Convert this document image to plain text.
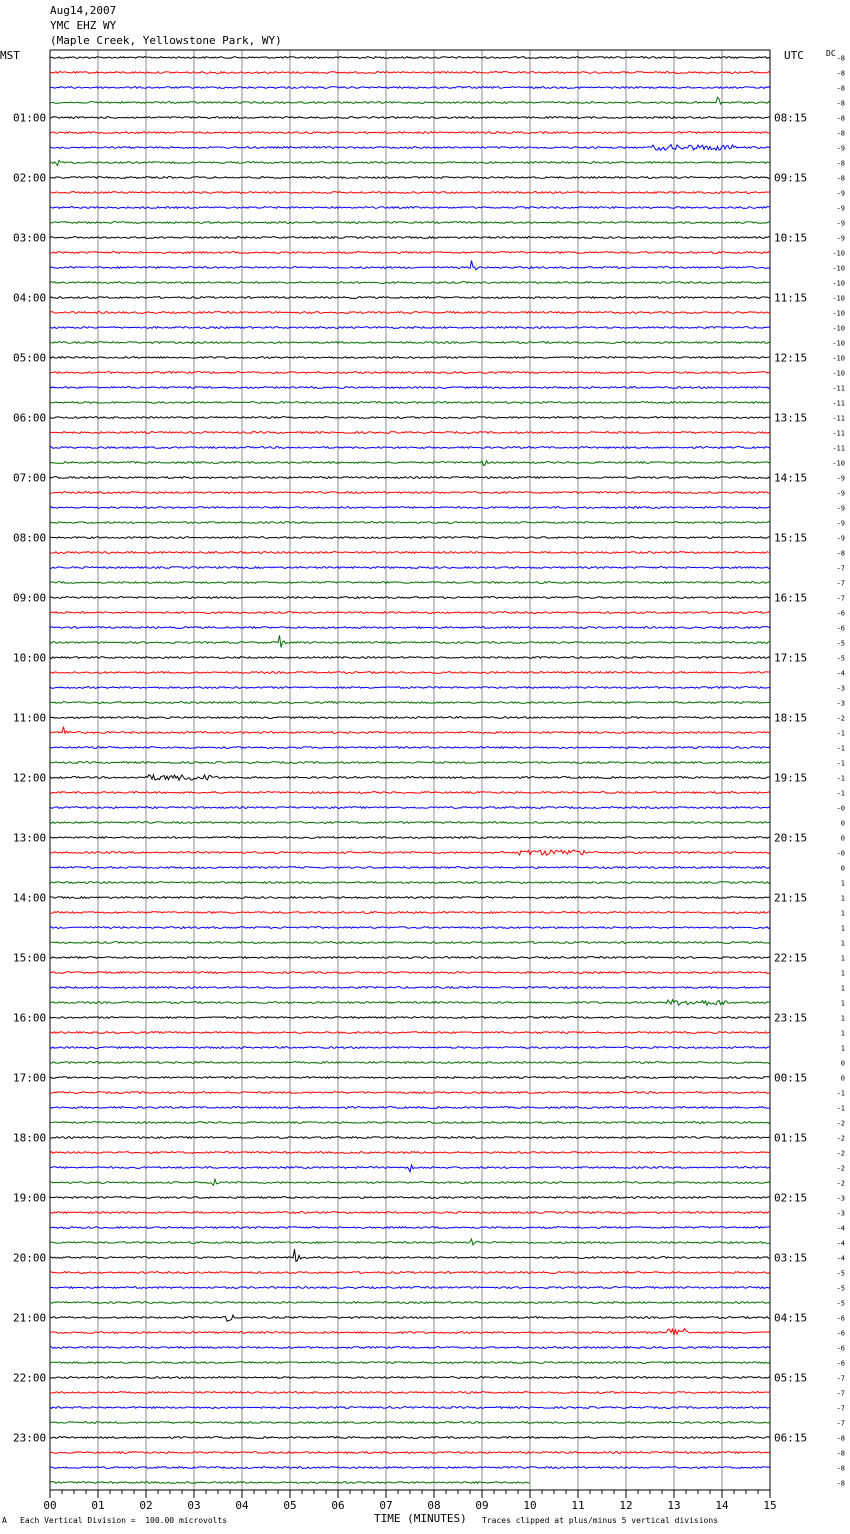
Aug14,2007
YMC EHZ WY
(Maple Creek, Yellowstone Park, WY)
MST	UTC	DC
-8
-8
-8
-8
-8
-8
-9
-8
-8
-9
-9
-9
-9
-10
-10
-10
-10
-10
-10
-10
-10
-10
-11
-11
-11
-11
-11
-10
-9
-9
-9
-9
-9
-8
-7
-7
-7
-6
-6
-5
-5
-4
-3
-3
-2
-1
-1
-1
-1
-1
-0
0
0
-0
0
1
1
1
1
1
1
1
1
1
1
1
1
0
0
-1
-1
-2
-2
-2
-2
-2
-3
-3
-4
-4
-4
-5
-5
-5
-6
-6
-6
-6
-7
-7
-7
-7
-8
-8
-8
-8
01:00
02:00
03:00
04:00
05:00
06:00
07:00
08:00
09:00
10:00
11:00
12:00
13:00
14:00
15:00
16:00
17:00
18:00
19:00
20:00
21:00
22:00
23:00
08:15
09:15
10:15
11:15
12:15
13:15
14:15
15:15
16:15
17:15
18:15
19:15
20:15
21:15
22:15
23:15
00:15
01:15
02:15
03:15
04:15
05:15
06:15
00	01	02	03	04	05	06	07	08	09	10	11	12	13	14	15
TIME (MINUTES)
A Each Vertical Division =  100.00 microvolts	Traces clipped at plus/minus 5 vertical divisions
